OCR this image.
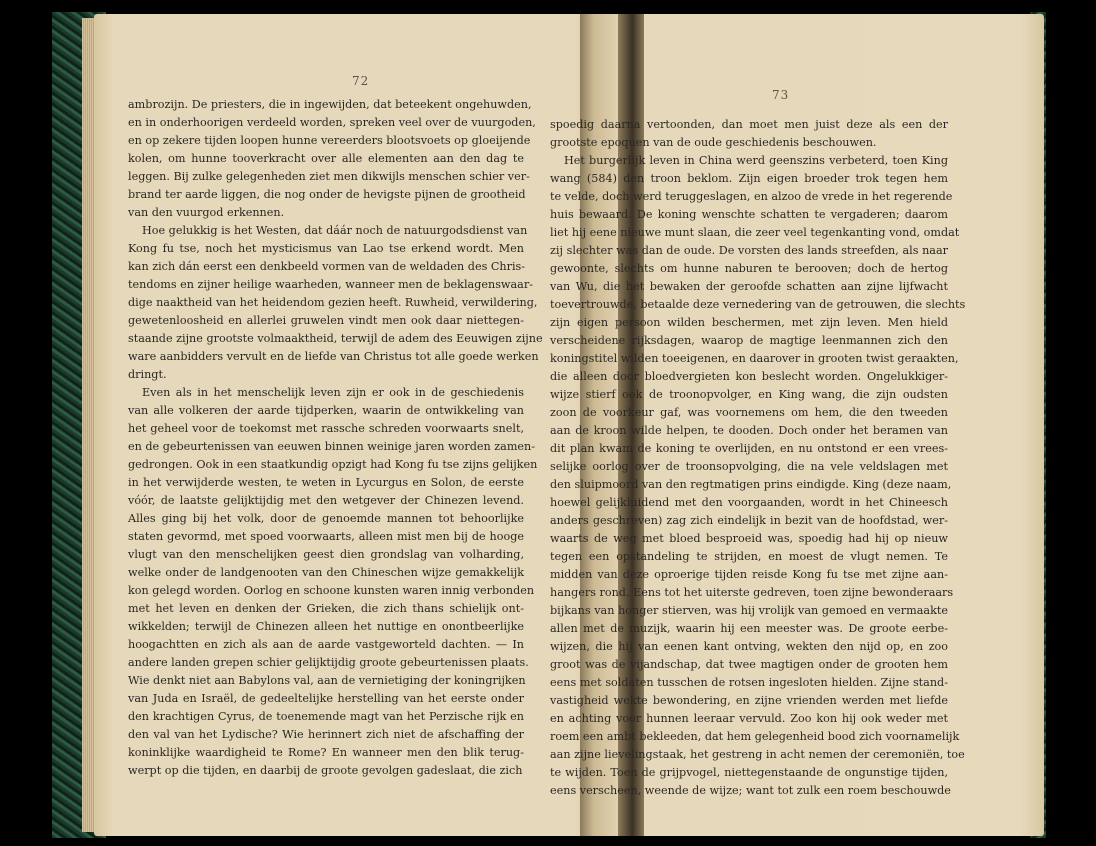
72
73
ambrozijn. De priesters, die in ingewijden, dat beteekent ongehuwden,
en in onderhoorigen verdeeld worden, spreken veel over de vuurgoden,
en op zekere tijden loopen hunne vereerders blootsvoets op gloeijende
kolen, om hunne tooverkracht over alle elementen aan den dag te
leggen. Bij zulke gelegenheden ziet men dikwijls menschen schier ver-
brand ter aarde liggen, die nog onder de hevigste pijnen de grootheid
van den vuurgod erkennen.
Hoe gelukkig is het Westen, dat dáár noch de natuurgodsdienst van
Kong fu tse, noch het mysticismus van Lao tse erkend wordt. Men
kan zich dán eerst een denkbeeld vormen van de weldaden des Chris-
tendoms en zijner heilige waarheden, wanneer men de beklagenswaar-
dige naaktheid van het heidendom gezien heeft. Ruwheid, verwildering,
gewetenloosheid en allerlei gruwelen vindt men ook daar niettegen-
staande zijne grootste volmaaktheid, terwijl de adem des Eeuwigen zijne
ware aanbidders vervult en de liefde van Christus tot alle goede werken
dringt.
Even als in het menschelijk leven zijn er ook in de geschiedenis
van alle volkeren der aarde tijdperken, waarin de ontwikkeling van
het geheel voor de toekomst met rassche schreden voorwaarts snelt,
en de gebeurtenissen van eeuwen binnen weinige jaren worden zamen-
gedrongen. Ook in een staatkundig opzigt had Kong fu tse zijns gelijken
in het verwijderde westen, te weten in Lycurgus en Solon, de eerste
vóór, de laatste gelijktijdig met den wetgever der Chinezen levend.
Alles ging bij het volk, door de genoemde mannen tot behoorlijke
staten gevormd, met spoed voorwaarts, alleen mist men bij de hooge
vlugt van den menschelijken geest dien grondslag van volharding,
welke onder de landgenooten van den Chineschen wijze gemakkelijk
kon gelegd worden. Oorlog en schoone kunsten waren innig verbonden
met het leven en denken der Grieken, die zich thans schielijk ont-
wikkelden; terwijl de Chinezen alleen het nuttige en onontbeerlijke
hoogachtten en zich als aan de aarde vastgeworteld dachten. — In
andere landen grepen schier gelijktijdig groote gebeurtenissen plaats.
Wie denkt niet aan Babylons val, aan de vernietiging der koningrijken
van Juda en Israël, de gedeeltelijke herstelling van het eerste onder
den krachtigen Cyrus, de toenemende magt van het Perzische rijk en
den val van het Lydische? Wie herinnert zich niet de afschaffing der
koninklijke waardigheid te Rome? En wanneer men den blik terug-
werpt op die tijden, en daarbij de groote gevolgen gadeslaat, die zich
spoedig daarna vertoonden, dan moet men juist deze als een der
grootste epoquen van de oude geschiedenis beschouwen.
Het burgerlijk leven in China werd geenszins verbeterd, toen King
wang (584) den troon beklom. Zijn eigen broeder trok tegen hem
te velde, doch werd teruggeslagen, en alzoo de vrede in het regerende
huis bewaard. De koning wenschte schatten te vergaderen; daarom
liet hij eene nieuwe munt slaan, die zeer veel tegenkanting vond, omdat
zij slechter was dan de oude. De vorsten des lands streefden, als naar
gewoonte, slechts om hunne naburen te berooven; doch de hertog
van Wu, die het bewaken der geroofde schatten aan zijne lijfwacht
toevertrouwde, betaalde deze vernedering van de getrouwen, die slechts
zijn eigen persoon wilden beschermen, met zijn leven. Men hield
verscheidene rijksdagen, waarop de magtige leenmannen zich den
koningstitel wilden toeeigenen, en daarover in grooten twist geraakten,
die alleen door bloedvergieten kon beslecht worden. Ongelukkiger-
wijze stierf ook de troonopvolger, en King wang, die zijn oudsten
zoon de voorkeur gaf, was voornemens om hem, die den tweeden
aan de kroon wilde helpen, te dooden. Doch onder het beramen van
dit plan kwam de koning te overlijden, en nu ontstond er een vrees-
selijke oorlog over de troonsopvolging, die na vele veldslagen met
den sluipmoord van den regtmatigen prins eindigde. King (deze naam,
hoewel gelijkluidend met den voorgaanden, wordt in het Chineesch
anders geschreven) zag zich eindelijk in bezit van de hoofdstad, wer-
waarts de weg met bloed besproeid was, spoedig had hij op nieuw
tegen een opstandeling te strijden, en moest de vlugt nemen. Te
midden van deze oproerige tijden reisde Kong fu tse met zijne aan-
hangers rond. Eens tot het uiterste gedreven, toen zijne bewonderaars
bijkans van honger stierven, was hij vrolijk van gemoed en vermaakte
allen met de muzijk, waarin hij een meester was. De groote eerbe-
wijzen, die hij van eenen kant ontving, wekten den nijd op, en zoo
groot was de vijandschap, dat twee magtigen onder de grooten hem
eens met soldaten tusschen de rotsen ingesloten hielden. Zijne stand-
vastigheid wekte bewondering, en zijne vrienden werden met liefde
en achting voor hunnen leeraar vervuld. Zoo kon hij ook weder met
roem een ambt bekleeden, dat hem gelegenheid bood zich voornamelijk
aan zijne lievelingstaak, het gestreng in acht nemen der ceremoniën, toe
te wijden. Toen de grijpvogel, niettegenstaande de ongunstige tijden,
eens verscheen, weende de wijze; want tot zulk een roem beschouwde
